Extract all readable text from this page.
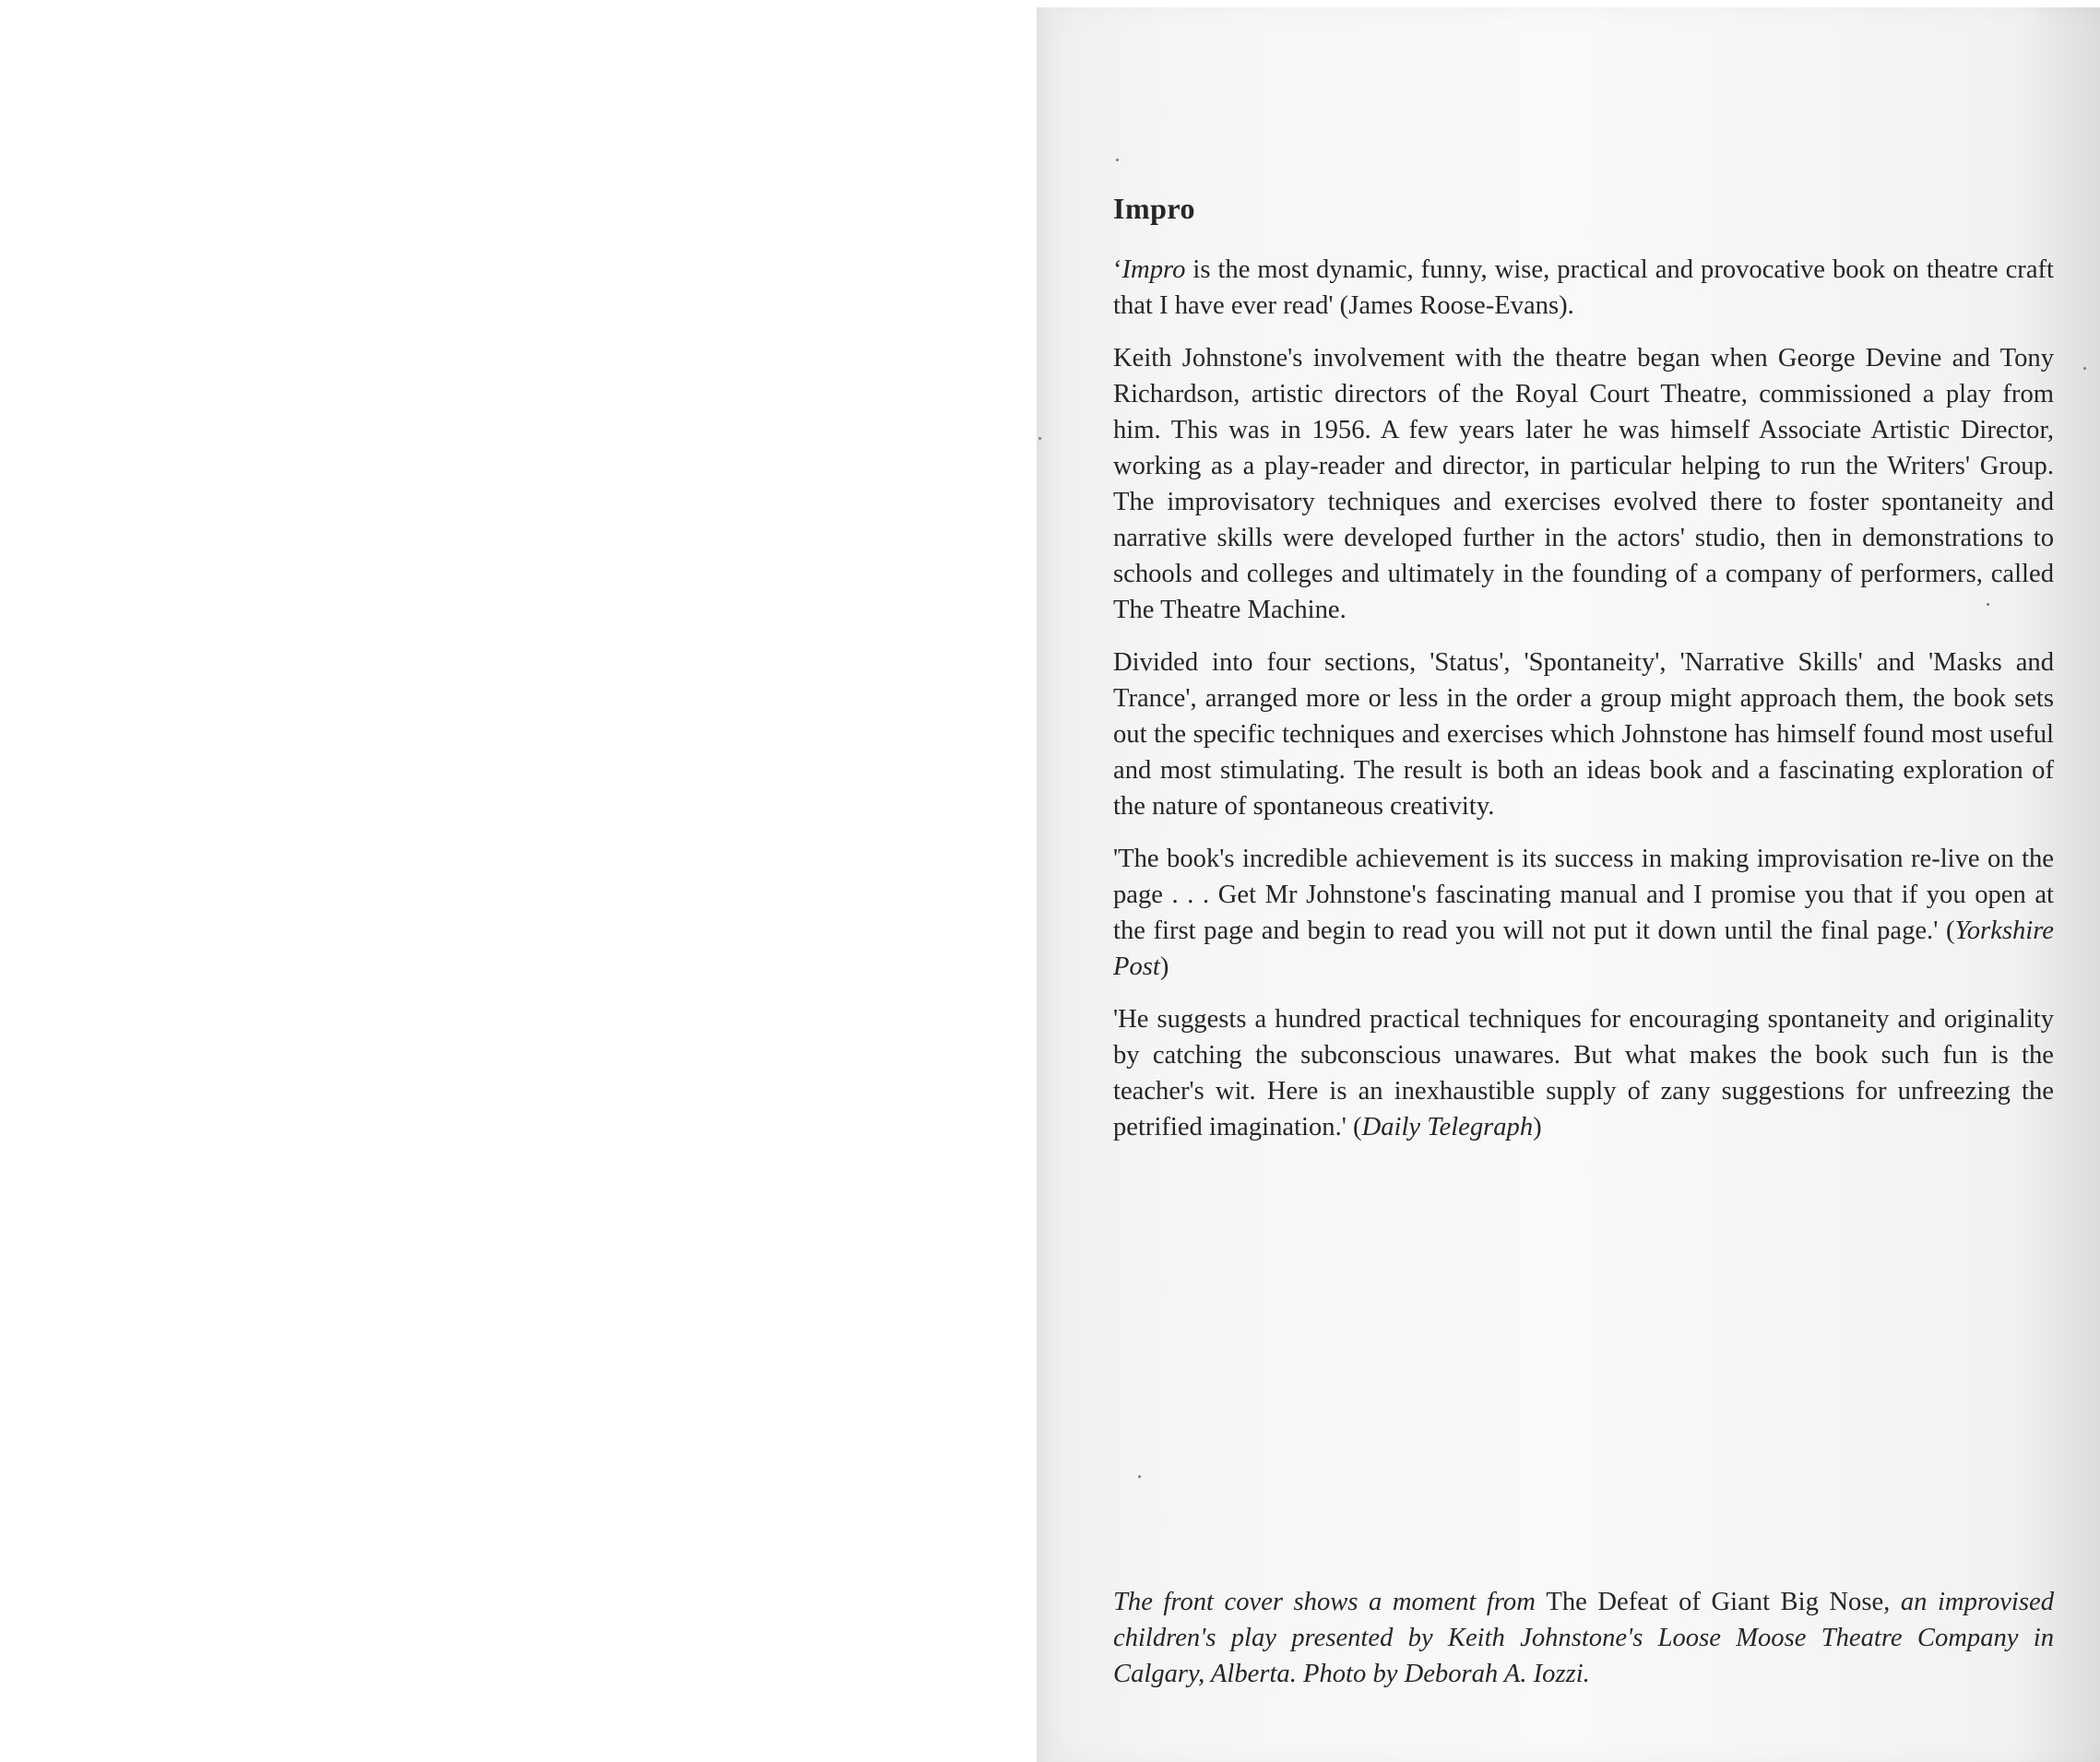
Impro

‘Impro is the most dynamic, funny, wise, practical and provocative book on theatre craft that I have ever read' (James Roose-Evans).

Keith Johnstone's involvement with the theatre began when George Devine and Tony Richardson, artistic directors of the Royal Court Theatre, commissioned a play from him. This was in 1956. A few years later he was himself Associate Artistic Director, working as a play-reader and director, in particular helping to run the Writers' Group. The improvisatory techniques and exercises evolved there to foster spontaneity and narrative skills were developed further in the actors' studio, then in demonstrations to schools and colleges and ultimately in the founding of a company of performers, called The Theatre Machine.

Divided into four sections, 'Status', 'Spontaneity', 'Narrative Skills' and 'Masks and Trance', arranged more or less in the order a group might approach them, the book sets out the specific techniques and exercises which Johnstone has himself found most useful and most stimulating. The result is both an ideas book and a fascinating exploration of the nature of spontaneous creativity.

'The book's incredible achievement is its success in making improvisation re-live on the page . . . Get Mr Johnstone's fascinating manual and I promise you that if you open at the first page and begin to read you will not put it down until the final page.' (Yorkshire Post)

'He suggests a hundred practical techniques for encouraging spontaneity and originality by catching the subconscious unawares. But what makes the book such fun is the teacher's wit. Here is an inexhaustible supply of zany suggestions for unfreezing the petrified imagination.' (Daily Telegraph)

The front cover shows a moment from The Defeat of Giant Big Nose, an improvised children's play presented by Keith Johnstone's Loose Moose Theatre Company in Calgary, Alberta. Photo by Deborah A. Iozzi.
